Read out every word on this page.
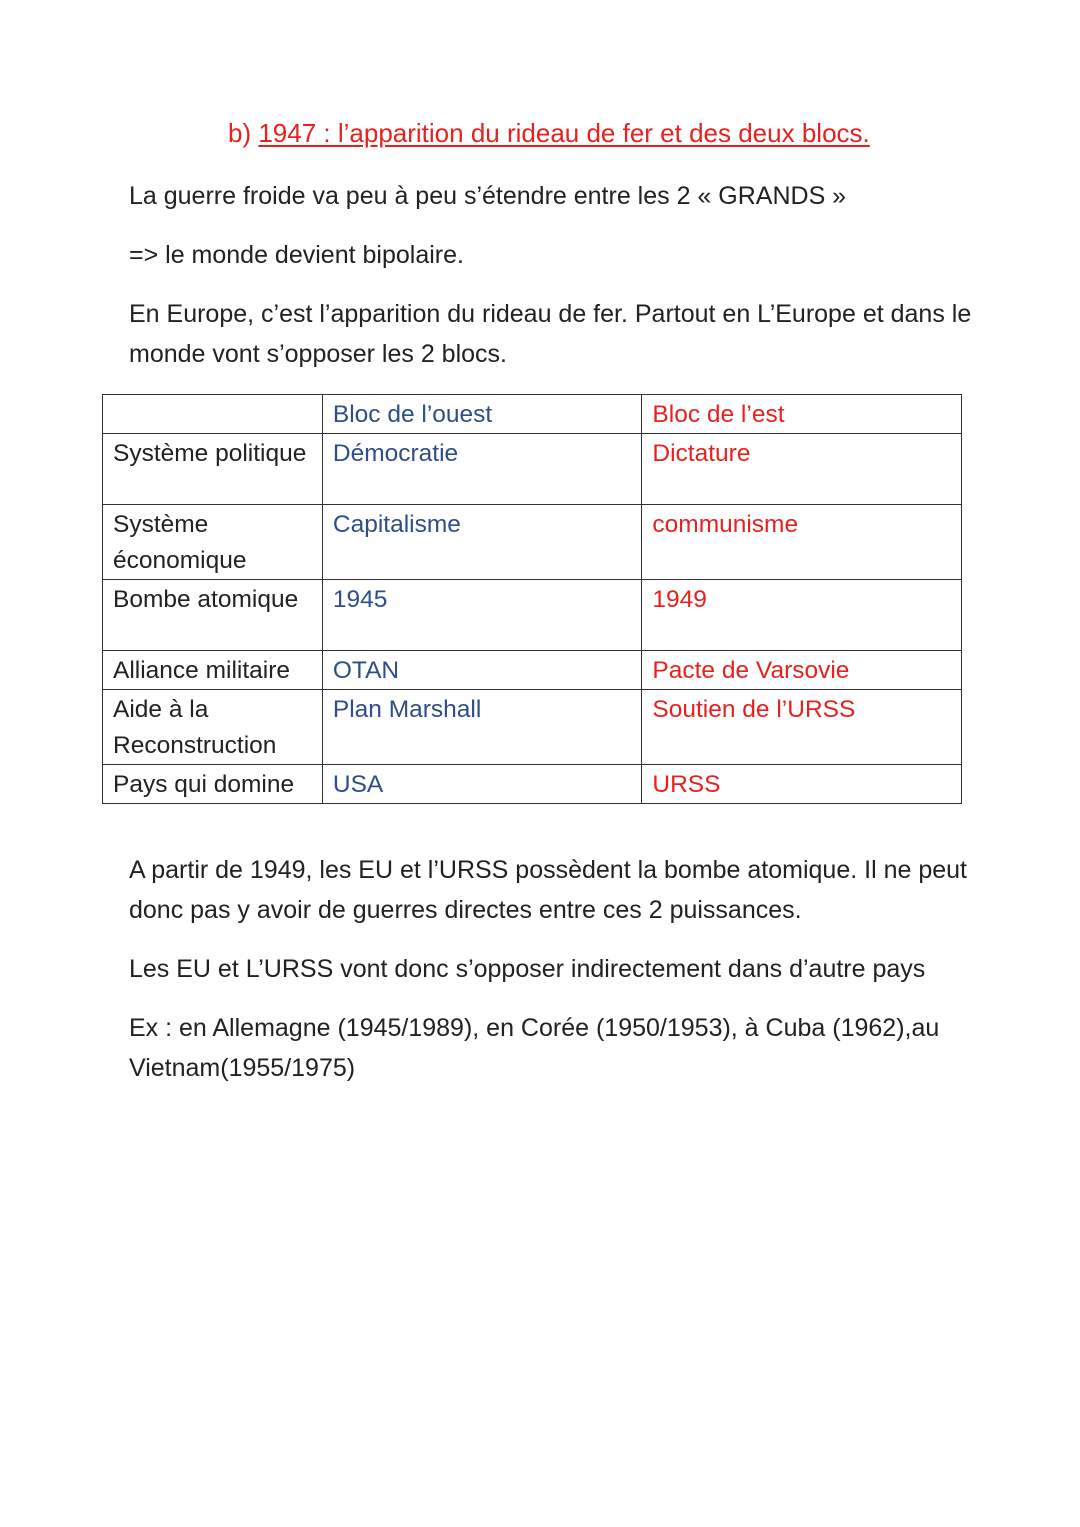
b) 1947 : l’apparition du rideau de fer et des deux blocs.
La guerre froide va peu à peu s’étendre entre les 2 « GRANDS »
=> le monde devient bipolaire.
En Europe, c’est l’apparition du rideau de fer. Partout en L’Europe et dans le monde vont s’opposer les 2 blocs.
	Bloc de l’ouest	Bloc de l’est
Système politique	Démocratie	Dictature
Système économique	Capitalisme	communisme
Bombe atomique	1945	1949
Alliance militaire	OTAN	Pacte de Varsovie
Aide à la Reconstruction	Plan Marshall	Soutien de l’URSS
Pays qui domine	USA	URSS
A partir de 1949, les EU et l’URSS possèdent la bombe atomique. Il ne peut donc pas y avoir de guerres directes entre ces 2 puissances.
Les EU et L’URSS vont donc s’opposer indirectement dans d’autre pays
Ex : en Allemagne (1945/1989), en Corée (1950/1953), à Cuba (1962),au Vietnam(1955/1975)
